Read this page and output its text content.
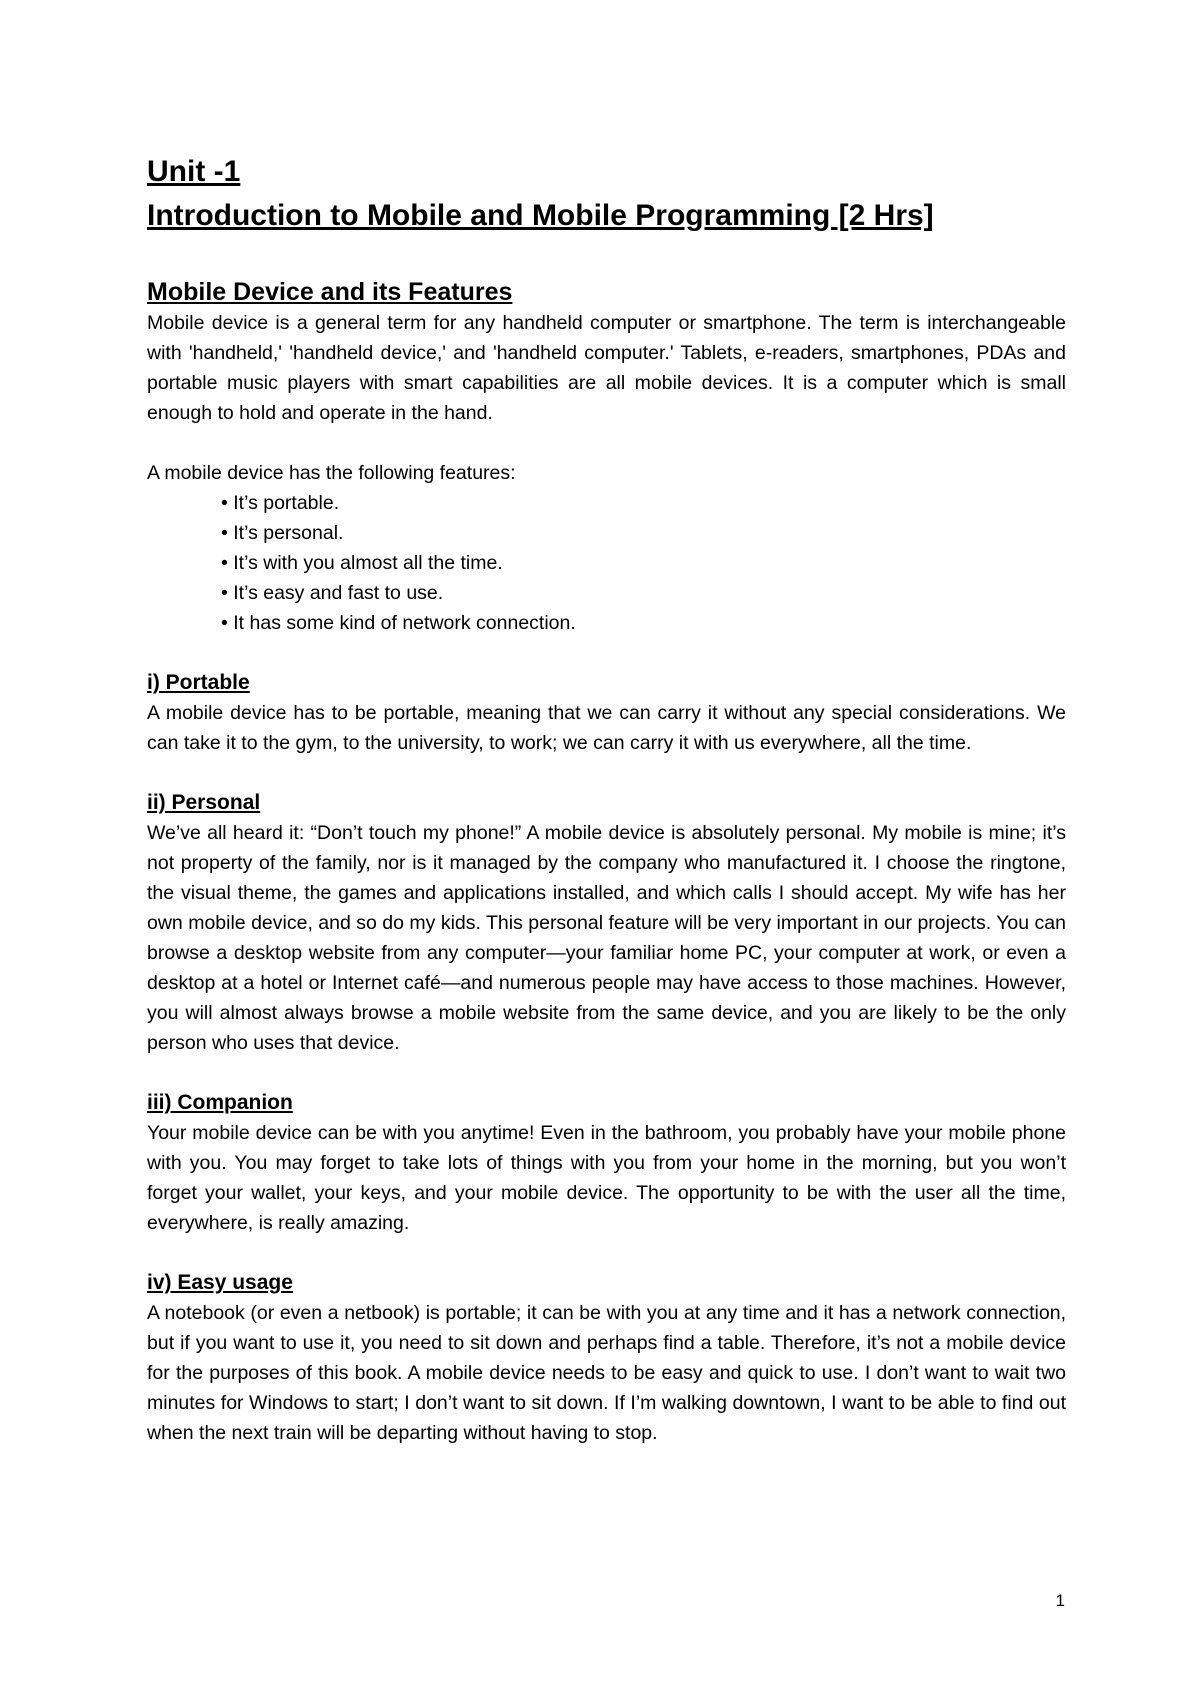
Unit -1
Introduction to Mobile and Mobile Programming [2 Hrs]
Mobile Device and its Features

Mobile device is a general term for any handheld computer or smartphone. The term is interchangeable with 'handheld,' 'handheld device,' and 'handheld computer.' Tablets, e-readers, smartphones, PDAs and portable music players with smart capabilities are all mobile devices. It is a computer which is small enough to hold and operate in the hand.

A mobile device has the following features:

• It’s portable.
• It’s personal.
• It’s with you almost all the time.
• It’s easy and fast to use.
• It has some kind of network connection.
i) Portable

A mobile device has to be portable, meaning that we can carry it without any special considerations. We can take it to the gym, to the university, to work; we can carry it with us everywhere, all the time.

ii) Personal

We’ve all heard it: “Don’t touch my phone!” A mobile device is absolutely personal. My mobile is mine; it’s not property of the family, nor is it managed by the company who manufactured it. I choose the ringtone, the visual theme, the games and applications installed, and which calls I should accept. My wife has her own mobile device, and so do my kids. This personal feature will be very important in our projects. You can browse a desktop website from any computer—your familiar home PC, your computer at work, or even a desktop at a hotel or Internet café—and numerous people may have access to those machines. However, you will almost always browse a mobile website from the same device, and you are likely to be the only person who uses that device.

iii) Companion

Your mobile device can be with you anytime! Even in the bathroom, you probably have your mobile phone with you. You may forget to take lots of things with you from your home in the morning, but you won’t forget your wallet, your keys, and your mobile device. The opportunity to be with the user all the time, everywhere, is really amazing.

iv) Easy usage

A notebook (or even a netbook) is portable; it can be with you at any time and it has a network connection, but if you want to use it, you need to sit down and perhaps find a table. Therefore, it’s not a mobile device for the purposes of this book. A mobile device needs to be easy and quick to use. I don’t want to wait two minutes for Windows to start; I don’t want to sit down. If I’m walking downtown, I want to be able to find out when the next train will be departing without having to stop.

1
